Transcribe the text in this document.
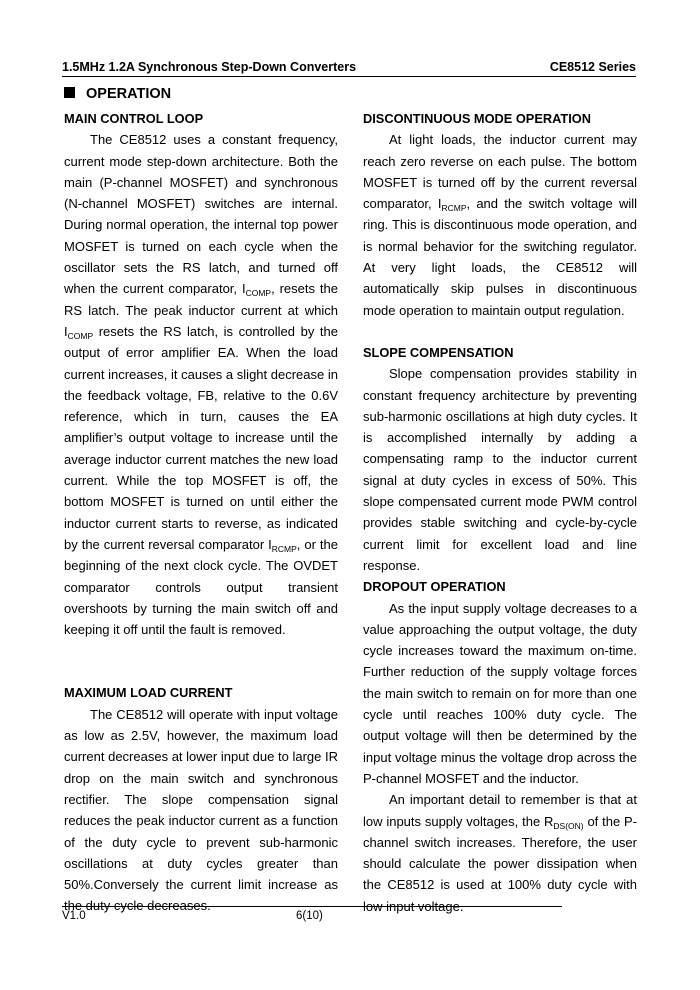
1.5MHz 1.2A Synchronous Step-Down Converters	CE8512 Series
OPERATION

MAIN CONTROL LOOP

The CE8512 uses a constant frequency, current mode step-down architecture. Both the main (P-channel MOSFET) and synchronous (N-channel MOSFET) switches are internal. During normal operation, the internal top power MOSFET is turned on each cycle when the oscillator sets the RS latch, and turned off when the current comparator, $I_{COMP}$, resets the RS latch. The peak inductor current at which $I_{COMP}$ resets the RS latch, is controlled by the output of error amplifier EA. When the load current increases, it causes a slight decrease in the feedback voltage, FB, relative to the 0.6V reference, which in turn, causes the EA amplifier’s output voltage to increase until the average inductor current matches the new load current. While the top MOSFET is off, the bottom MOSFET is turned on until either the inductor current starts to reverse, as indicated by the current reversal comparator $I_{RCMP}$, or the beginning of the next clock cycle. The OVDET comparator controls output transient overshoots by turning the main switch off and keeping it off until the fault is removed.

MAXIMUM LOAD CURRENT

The CE8512 will operate with input voltage as low as 2.5V, however, the maximum load current decreases at lower input due to large IR drop on the main switch and synchronous rectifier. The slope compensation signal reduces the peak inductor current as a function of the duty cycle to prevent sub-harmonic oscillations at duty cycles greater than 50%.Conversely the current limit increase as the duty cycle decreases.

DISCONTINUOUS MODE OPERATION

At light loads, the inductor current may reach zero reverse on each pulse. The bottom MOSFET is turned off by the current reversal comparator, $I_{RCMP}$, and the switch voltage will ring. This is discontinuous mode operation, and is normal behavior for the switching regulator. At very light loads, the CE8512 will automatically skip pulses in discontinuous mode operation to maintain output regulation.

SLOPE COMPENSATION

Slope compensation provides stability in constant frequency architecture by preventing sub-harmonic oscillations at high duty cycles. It is accomplished internally by adding a compensating ramp to the inductor current signal at duty cycles in excess of 50%. This slope compensated current mode PWM control provides stable switching and cycle-by-cycle current limit for excellent load and line response.

DROPOUT OPERATION

As the input supply voltage decreases to a value approaching the output voltage, the duty cycle increases toward the maximum on-time. Further reduction of the supply voltage forces the main switch to remain on for more than one cycle until reaches 100% duty cycle. The output voltage will then be determined by the input voltage minus the voltage drop across the P-channel MOSFET and the inductor.

An important detail to remember is that at low inputs supply voltages, the $R_{DS(ON)}$ of the P-channel switch increases. Therefore, the user should calculate the power dissipation when the CE8512 is used at 100% duty cycle with low input voltage.

V1.0	6(10)
